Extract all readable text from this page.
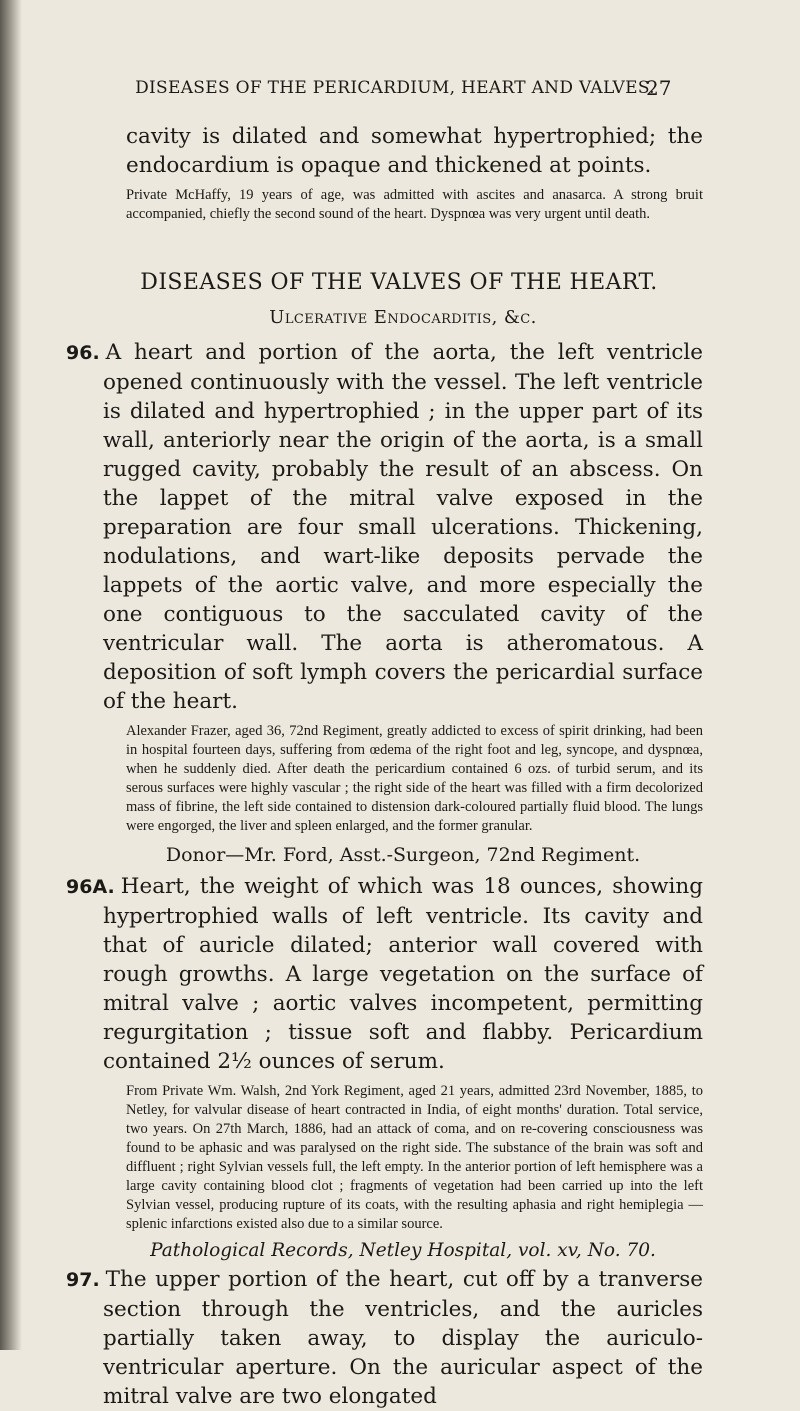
DISEASES OF THE PERICARDIUM, HEART AND VALVES.
27

cavity is dilated and somewhat hypertrophied; the endocardium is opaque and thickened at points.

Private McHaffy, 19 years of age, was admitted with ascites and anasarca. A strong bruit accompanied, chiefly the second sound of the heart. Dyspnœa was very urgent until death.

DISEASES OF THE VALVES OF THE HEART.
Ulcerative Endocarditis, &c.

96. A heart and portion of the aorta, the left ventricle opened continuously with the vessel. The left ventricle is dilated and hypertrophied ; in the upper part of its wall, anteriorly near the origin of the aorta, is a small rugged cavity, probably the result of an abscess. On the lappet of the mitral valve exposed in the preparation are four small ulcerations. Thickening, nodulations, and wart-like deposits pervade the lappets of the aortic valve, and more especially the one contiguous to the sacculated cavity of the ventricular wall. The aorta is atheromatous. A deposition of soft lymph covers the pericardial surface of the heart.

Alexander Frazer, aged 36, 72nd Regiment, greatly addicted to excess of spirit drinking, had been in hospital fourteen days, suffering from œdema of the right foot and leg, syncope, and dyspnœa, when he suddenly died. After death the pericardium contained 6 ozs. of turbid serum, and its serous surfaces were highly vascular ; the right side of the heart was filled with a firm decolorized mass of fibrine, the left side contained to distension dark-coloured partially fluid blood. The lungs were engorged, the liver and spleen enlarged, and the former granular.

Donor—Mr. Ford, Asst.-Surgeon, 72nd Regiment.

96A. Heart, the weight of which was 18 ounces, showing hypertrophied walls of left ventricle. Its cavity and that of auricle dilated; anterior wall covered with rough growths. A large vegetation on the surface of mitral valve ; aortic valves incompetent, permitting regurgitation ; tissue soft and flabby. Pericardium contained 2½ ounces of serum.

From Private Wm. Walsh, 2nd York Regiment, aged 21 years, admitted 23rd November, 1885, to Netley, for valvular disease of heart contracted in India, of eight months' duration. Total service, two years. On 27th March, 1886, had an attack of coma, and on re-covering consciousness was found to be aphasic and was paralysed on the right side. The substance of the brain was soft and diffluent ; right Sylvian vessels full, the left empty. In the anterior portion of left hemisphere was a large cavity containing blood clot ; fragments of vegetation had been carried up into the left Sylvian vessel, producing rupture of its coats, with the resulting aphasia and right hemiplegia —splenic infarctions existed also due to a similar source.

Pathological Records, Netley Hospital, vol. xv, No. 70.

97. The upper portion of the heart, cut off by a tranverse section through the ventricles, and the auricles partially taken away, to display the auriculo-ventricular aperture. On the auricular aspect of the mitral valve are two elongated
